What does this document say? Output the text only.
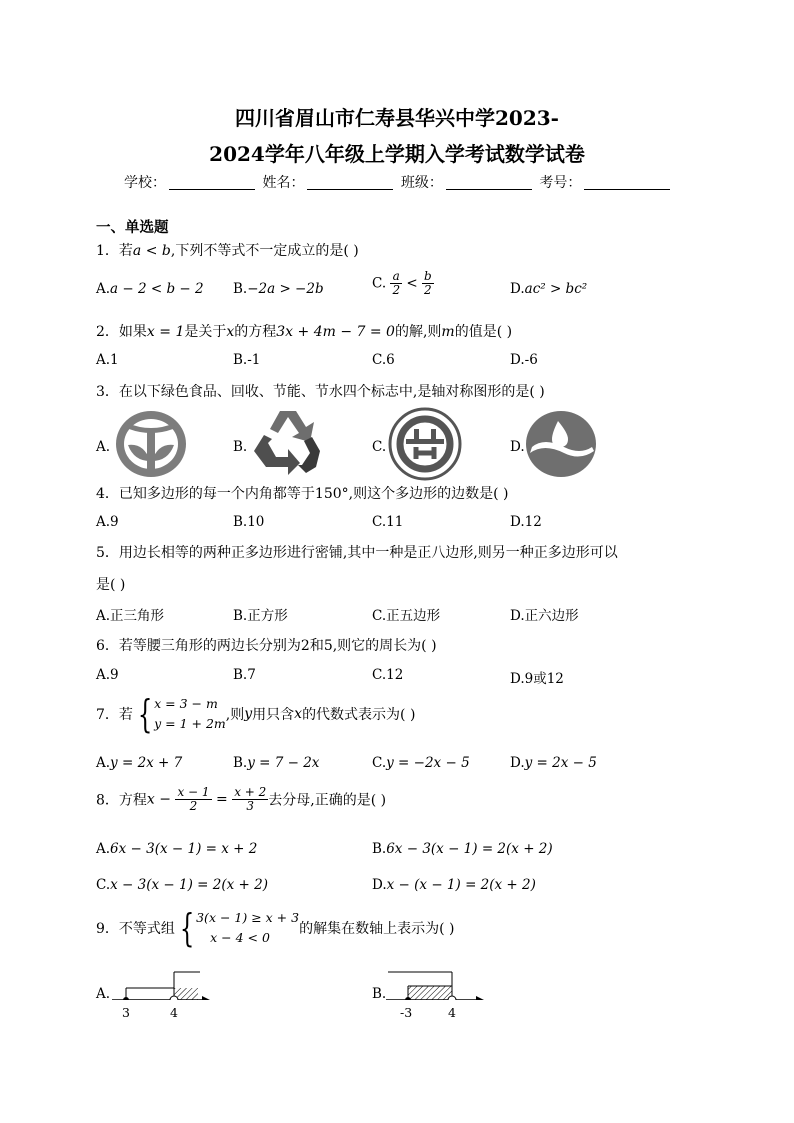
四川省眉山市仁寿县华兴中学2023-
2024学年八年级上学期入学考试数学试卷
学校：	姓名：	班级：	考号：
一、单选题
1．若a < b,下列不等式不一定成立的是( )
A.a − 2 < b − 2 B.−2a > −2b	C. $\frac{a}{2} < \frac{b}{2}$	D.ac² > bc²
2．如果x = 1是关于x的方程3x + 4m − 7 = 0的解,则m的值是( )
A.1	B.-1	C.6	D.-6
3．在以下绿色食品、回收、节能、节水四个标志中,是轴对称图形的是( )
A.	B.	C.	D.
4．已知多边形的每一个内角都等于150°,则这个多边形的边数是( )
A.9	B.10	C.11	D.12
5．用边长相等的两种正多边形进行密铺,其中一种是正八边形,则另一种正多边形可以
是( )
A.正三角形	B.正方形	C.正五边形	D.正六边形
6．若等腰三角形的两边长分别为2和5,则它的周长为( )
A.9	B.7	C.12	D.9或12
7．若 { x = 3 − m
y = 1 + 2m
,则y用只含x的代数式表示为( )
A.y = 2x + 7	B.y = 7 − 2x	C.y = −2x − 5	D.y = 2x − 5
8．方程$x - \frac{x - 1}{2} = \frac{x + 2}{3}$ 去分母,正确的是( )
A.6x − 3(x − 1) = x + 2	B.6x − 3(x − 1) = 2(x + 2)
C.x − 3(x − 1) = 2(x + 2)	D.x − (x − 1) = 2(x + 2)
9．不等式组 { 3(x − 1) ≥ x + 3
x − 4 < 0
的解集在数轴上表示为( )
A.
3	4
B.
-3	4
